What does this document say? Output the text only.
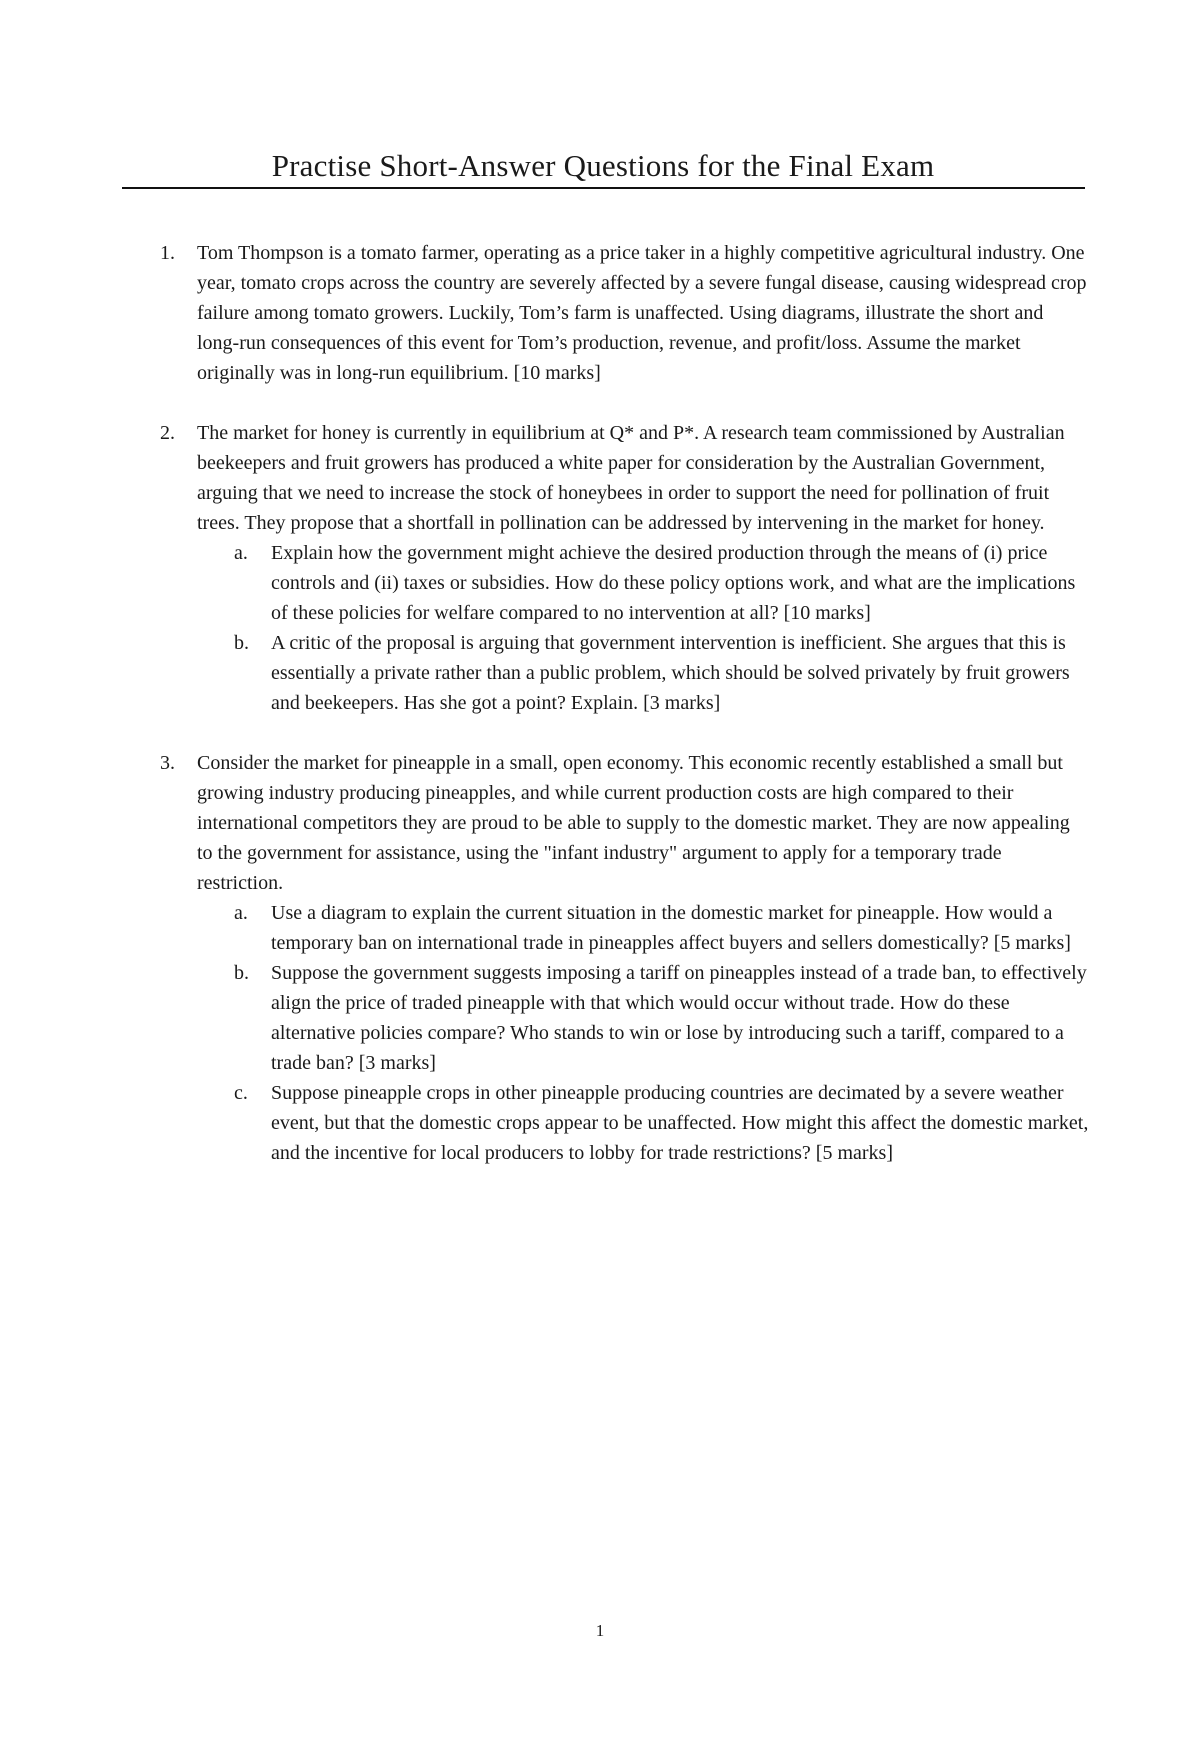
Practise Short-Answer Questions for the Final Exam
1.	Tom Thompson is a tomato farmer, operating as a price taker in a highly competitive agricultural industry. One year, tomato crops across the country are severely affected by a severe fungal disease, causing widespread crop failure among tomato growers. Luckily, Tom’s farm is unaffected. Using diagrams, illustrate the short and long-run consequences of this event for Tom’s production, revenue, and profit/loss. Assume the market originally was in long-run equilibrium. [10 marks]
2.	The market for honey is currently in equilibrium at Q* and P*. A research team commissioned by Australian beekeepers and fruit growers has produced a white paper for consideration by the Australian Government, arguing that we need to increase the stock of honeybees in order to support the need for pollination of fruit trees. They propose that a shortfall in pollination can be addressed by intervening in the market for honey.
a.	Explain how the government might achieve the desired production through the means of (i) price controls and (ii) taxes or subsidies. How do these policy options work, and what are the implications of these policies for welfare compared to no intervention at all? [10 marks]
b.	A critic of the proposal is arguing that government intervention is inefficient. She argues that this is essentially a private rather than a public problem, which should be solved privately by fruit growers and beekeepers. Has she got a point? Explain. [3 marks]
3.	Consider the market for pineapple in a small, open economy. This economic recently established a small but growing industry producing pineapples, and while current production costs are high compared to their international competitors they are proud to be able to supply to the domestic market. They are now appealing to the government for assistance, using the "infant industry" argument to apply for a temporary trade restriction.
a.	Use a diagram to explain the current situation in the domestic market for pineapple. How would a temporary ban on international trade in pineapples affect buyers and sellers domestically? [5 marks]
b.	Suppose the government suggests imposing a tariff on pineapples instead of a trade ban, to effectively align the price of traded pineapple with that which would occur without trade. How do these alternative policies compare? Who stands to win or lose by introducing such a tariff, compared to a trade ban? [3 marks]
c.	Suppose pineapple crops in other pineapple producing countries are decimated by a severe weather event, but that the domestic crops appear to be unaffected. How might this affect the domestic market, and the incentive for local producers to lobby for trade restrictions? [5 marks]
1
